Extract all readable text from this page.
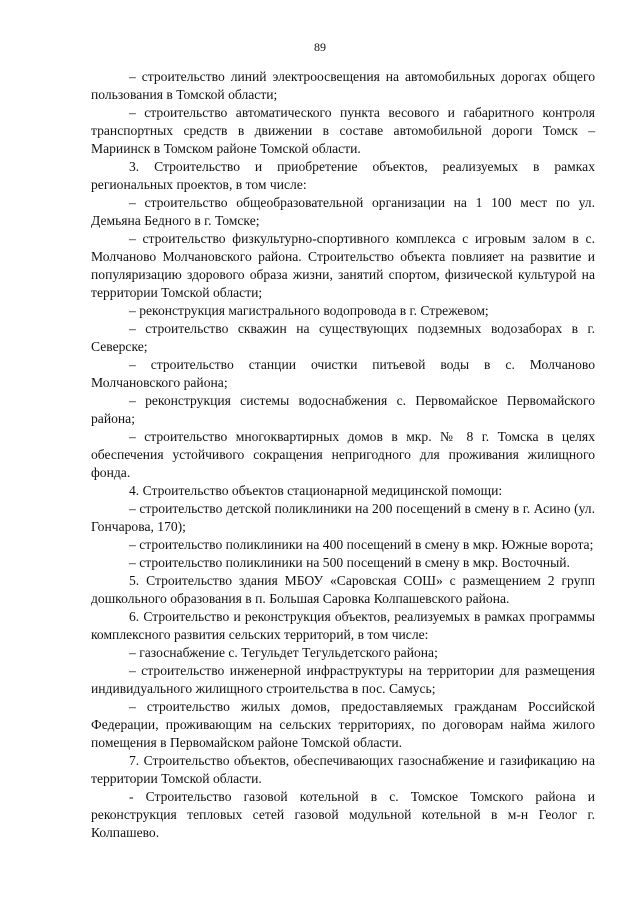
89

– строительство линий электроосвещения на автомобильных дорогах общего пользования в Томской области;

– строительство автоматического пункта весового и габаритного контроля транспортных средств в движении в составе автомобильной дороги Томск – Мариинск в Томском районе Томской области.

3. Строительство и приобретение объектов, реализуемых в рамках региональных проектов, в том числе:

– строительство общеобразовательной организации на 1 100 мест по ул. Демьяна Бедного в г. Томске;

– строительство физкультурно-спортивного комплекса с игровым залом в с. Молчаново Молчановского района. Строительство объекта повлияет на развитие и популяризацию здорового образа жизни, занятий спортом, физической культурой на территории Томской области;

– реконструкция магистрального водопровода в г. Стрежевом;

– строительство скважин на существующих подземных водозаборах в г. Северске;

– строительство станции очистки питьевой воды в с. Молчаново Молчановского района;

– реконструкция системы водоснабжения с. Первомайское Первомайского района;

– строительство многоквартирных домов в мкр. № 8 г. Томска в целях обеспечения устойчивого сокращения непригодного для проживания жилищного фонда.

4. Строительство объектов стационарной медицинской помощи:

– строительство детской поликлиники на 200 посещений в смену в г. Асино (ул. Гончарова, 170);

– строительство поликлиники на 400 посещений в смену в мкр. Южные ворота;

– строительство поликлиники на 500 посещений в смену в мкр. Восточный.

5. Строительство здания МБОУ «Саровская СОШ» с размещением 2 групп дошкольного образования в п. Большая Саровка Колпашевского района.

6. Строительство и реконструкция объектов, реализуемых в рамках программы комплексного развития сельских территорий, в том числе:

– газоснабжение с. Тегульдет Тегульдетского района;

– строительство инженерной инфраструктуры на территории для размещения индивидуального жилищного строительства в пос. Самусь;

– строительство жилых домов, предоставляемых гражданам Российской Федерации, проживающим на сельских территориях, по договорам найма жилого помещения в Первомайском районе Томской области.

7. Строительство объектов, обеспечивающих газоснабжение и газификацию на территории Томской области.

- Строительство газовой котельной в с. Томское Томского района и реконструкция тепловых сетей газовой модульной котельной в м-н Геолог г. Колпашево.
